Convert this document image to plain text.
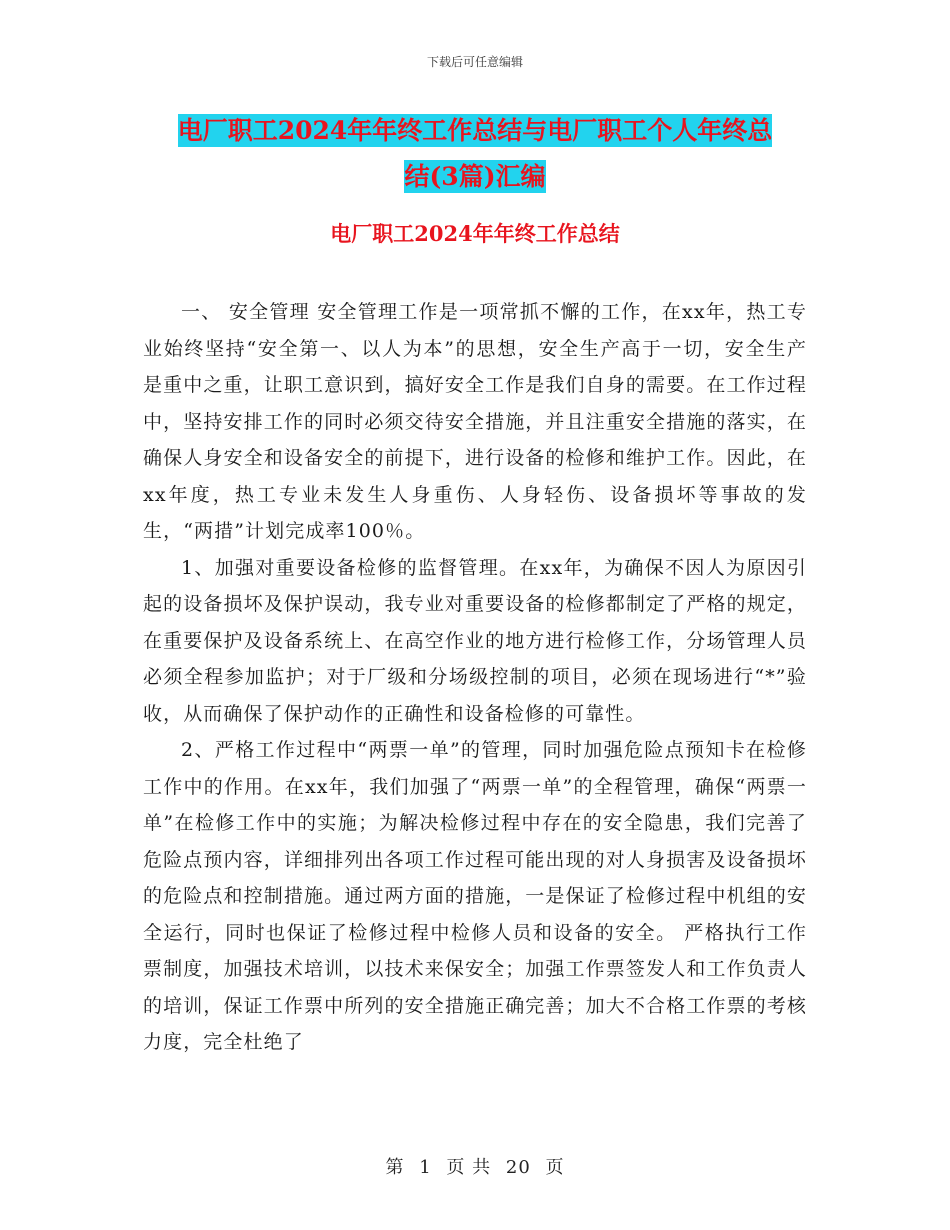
下载后可任意编辑
电厂职工2024年年终工作总结与电厂职工个人年终总
结(3篇)汇编
电厂职工2024年年终工作总结

一、 安全管理 安全管理工作是一项常抓不懈的工作，在xx年，热工专业始终坚持“安全第一、以人为本”的思想，安全生产高于一切，安全生产是重中之重，让职工意识到，搞好安全工作是我们自身的需要。在工作过程中，坚持安排工作的同时必须交待安全措施，并且注重安全措施的落实，在确保人身安全和设备安全的前提下，进行设备的检修和维护工作。因此，在xx年度，热工专业未发生人身重伤、人身轻伤、设备损坏等事故的发生，“两措”计划完成率100％。

1、加强对重要设备检修的监督管理。在xx年，为确保不因人为原因引起的设备损坏及保护误动，我专业对重要设备的检修都制定了严格的规定，在重要保护及设备系统上、在高空作业的地方进行检修工作，分场管理人员必须全程参加监护；对于厂级和分场级控制的项目，必须在现场进行“*”验收，从而确保了保护动作的正确性和设备检修的可靠性。

2、严格工作过程中“两票一单”的管理，同时加强危险点预知卡在检修工作中的作用。在xx年，我们加强了“两票一单”的全程管理，确保“两票一单”在检修工作中的实施；为解决检修过程中存在的安全隐患，我们完善了危险点预内容，详细排列出各项工作过程可能出现的对人身损害及设备损坏的危险点和控制措施。通过两方面的措施，一是保证了检修过程中机组的安全运行，同时也保证了检修过程中检修人员和设备的安全。 严格执行工作票制度，加强技术培训，以技术来保安全；加强工作票签发人和工作负责人的培训，保证工作票中所列的安全措施正确完善；加大不合格工作票的考核力度，完全杜绝了

第 1 页 共 20 页
